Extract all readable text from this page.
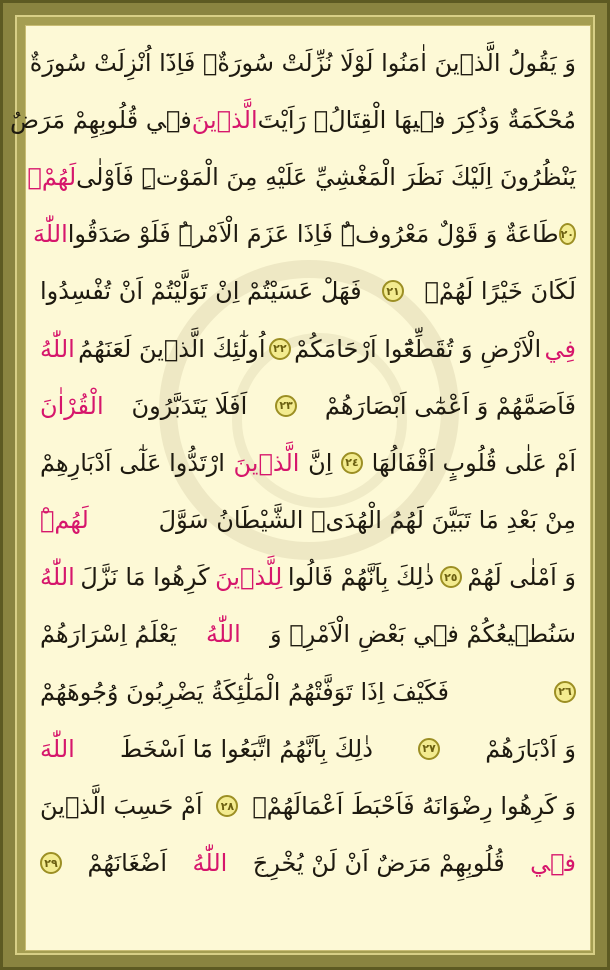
وَ يَقُولُ الَّذ۪ينَ اٰمَنُوا لَوْلَا نُزِّلَتْ سُورَةٌۚ فَاِذَٓا اُنْزِلَتْ سُورَةٌ
مُحْكَمَةٌ وَذُكِرَ ف۪يهَا الْقِتَالُۙ رَاَيْتَ
الَّذ۪ينَ
ف۪ي قُلُوبِهِمْ مَرَضٌ
يَنْظُرُونَ اِلَيْكَ نَظَرَ الْمَغْشِيِّ عَلَيْهِ مِنَ الْمَوْتِۜ فَاَوْلٰى
لَهُمْۚ
٢٠
طَاعَةٌ وَ قَوْلٌ مَعْرُوفٌۜ فَاِذَا عَزَمَ الْاَمْرُۜ فَلَوْ صَدَقُوا
اللّٰهَ
لَكَانَ خَيْرًا لَهُمْۚ
٢١
فَهَلْ عَسَيْتُمْ اِنْ تَوَلَّيْتُمْ اَنْ تُفْسِدُوا
فِي
الْاَرْضِ وَ تُقَطِّعُٓوا اَرْحَامَكُمْ
٢٢
اُولٰٓئِكَ الَّذ۪ينَ لَعَنَهُمُ
اللّٰهُ
فَاَصَمَّهُمْ وَ اَعْمٰٓى اَبْصَارَهُمْ
٢٣
اَفَلَا يَتَدَبَّرُونَ
الْقُرْاٰنَ
اَمْ عَلٰى قُلُوبٍ اَقْفَالُهَا
٢٤
اِنَّ
الَّذ۪ينَ
ارْتَدُّوا عَلٰٓى اَدْبَارِهِمْ
مِنْ بَعْدِ مَا تَبَيَّنَ لَهُمُ الْهُدَىۙ الشَّيْطَانُ سَوَّلَ
لَهُمْۜ
وَ اَمْلٰى لَهُمْ
٢٥
ذٰلِكَ بِاَنَّهُمْ قَالُوا
لِلَّذ۪ينَ
كَرِهُوا مَا نَزَّلَ
اللّٰهُ
سَنُط۪يعُكُمْ ف۪ي بَعْضِ الْاَمْرِۚ وَ
اللّٰهُ
يَعْلَمُ اِسْرَارَهُمْ
٢٦
فَكَيْفَ اِذَا تَوَفَّتْهُمُ الْمَلٰٓئِكَةُ يَضْرِبُونَ وُجُوهَهُمْ
وَ اَدْبَارَهُمْ
٢٧
ذٰلِكَ بِاَنَّهُمُ اتَّبَعُوا مَٓا اَسْخَطَ
اللّٰهَ
وَ كَرِهُوا رِضْوَانَهُ فَاَحْبَطَ اَعْمَالَهُمْ۟
٢٨
اَمْ حَسِبَ الَّذ۪ينَ
ف۪ي
قُلُوبِهِمْ مَرَضٌ اَنْ لَنْ يُخْرِجَ
اللّٰهُ
اَضْغَانَهُمْ
٢٩
